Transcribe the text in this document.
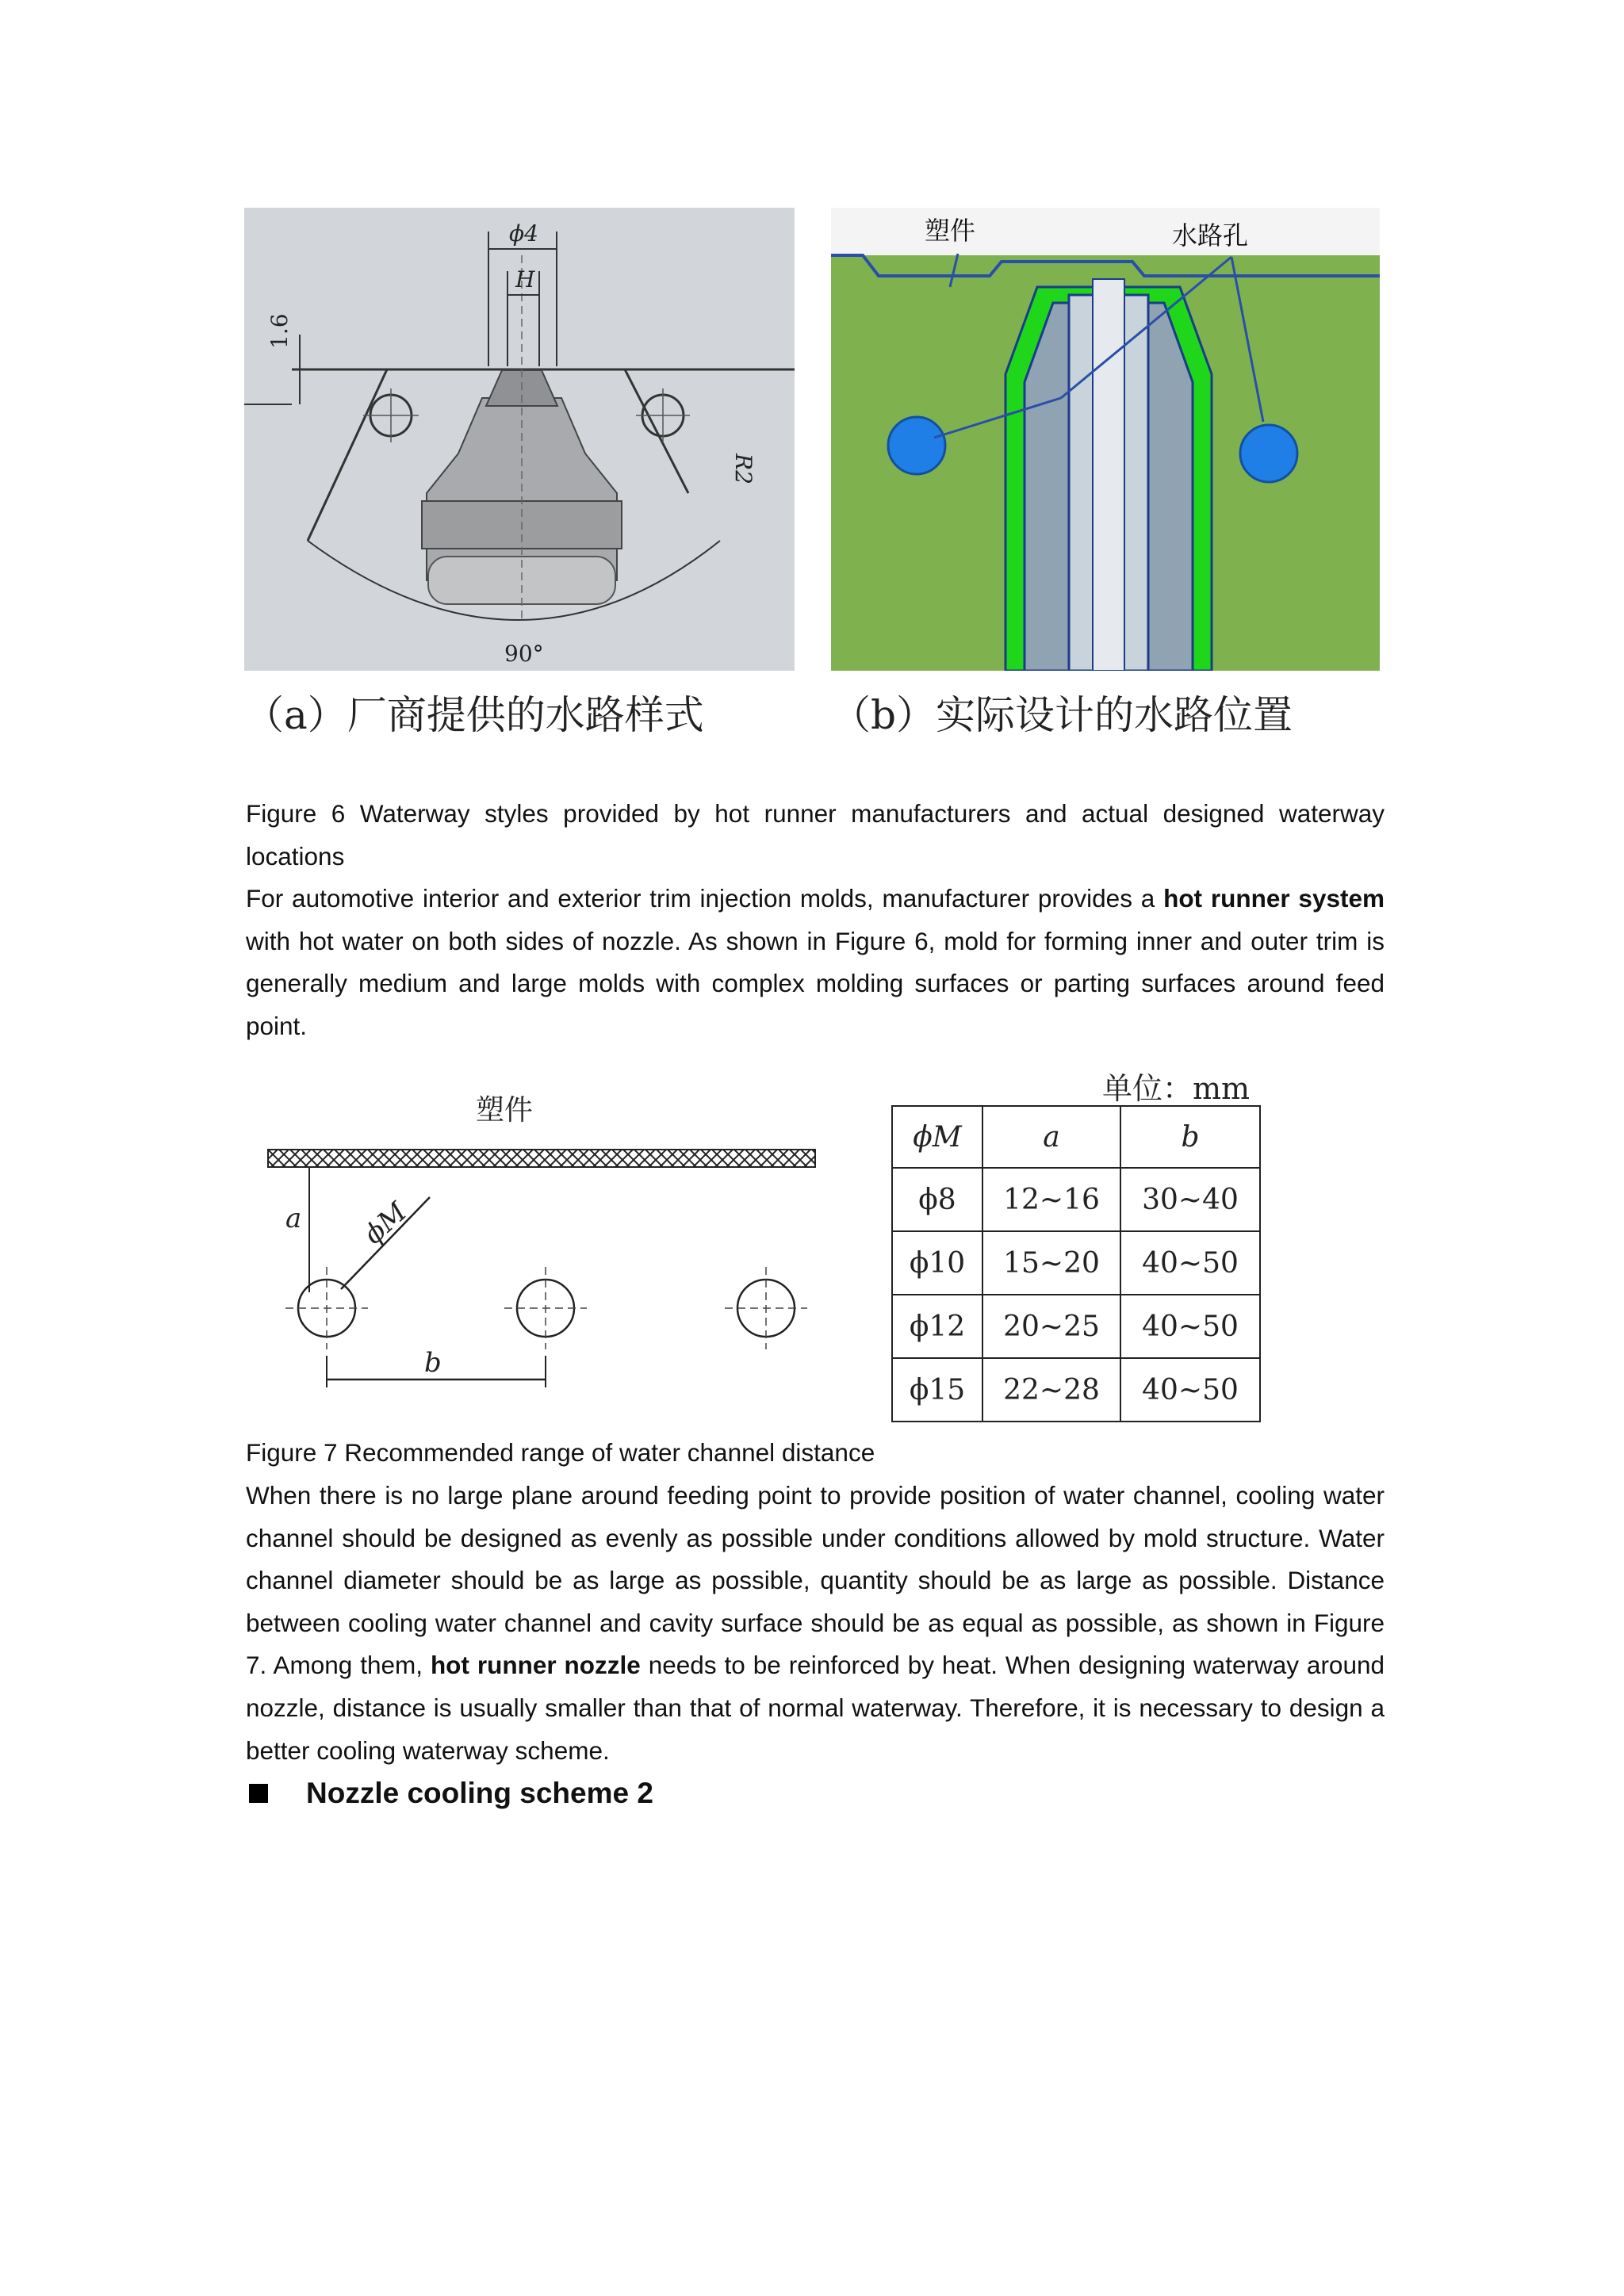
ϕ4
H
1.6
R2
90°
塑件	水路孔
（a）厂商提供的水路样式	（b）实际设计的水路位置
Figure 6 Waterway styles provided by hot runner manufacturers and actual designed waterway locations
For automotive interior and exterior trim injection molds, manufacturer provides a hot runner system with hot water on both sides of nozzle. As shown in Figure 6, mold for forming inner and outer trim is generally medium and large molds with complex molding surfaces or parting surfaces around feed point.
塑件
a ϕM
b
单位：mm
ϕM	a	b
ϕ8	12~16	30~40
ϕ10	15~20	40~50
ϕ12	20~25	40~50
ϕ15	22~28	40~50
Figure 7 Recommended range of water channel distance
When there is no large plane around feeding point to provide position of water channel, cooling water channel should be designed as evenly as possible under conditions allowed by mold structure. Water channel diameter should be as large as possible, quantity should be as large as possible. Distance between cooling water channel and cavity surface should be as equal as possible, as shown in Figure 7. Among them, hot runner nozzle needs to be reinforced by heat. When designing waterway around nozzle, distance is usually smaller than that of normal waterway. Therefore, it is necessary to design a better cooling waterway scheme.
Nozzle cooling scheme 2
